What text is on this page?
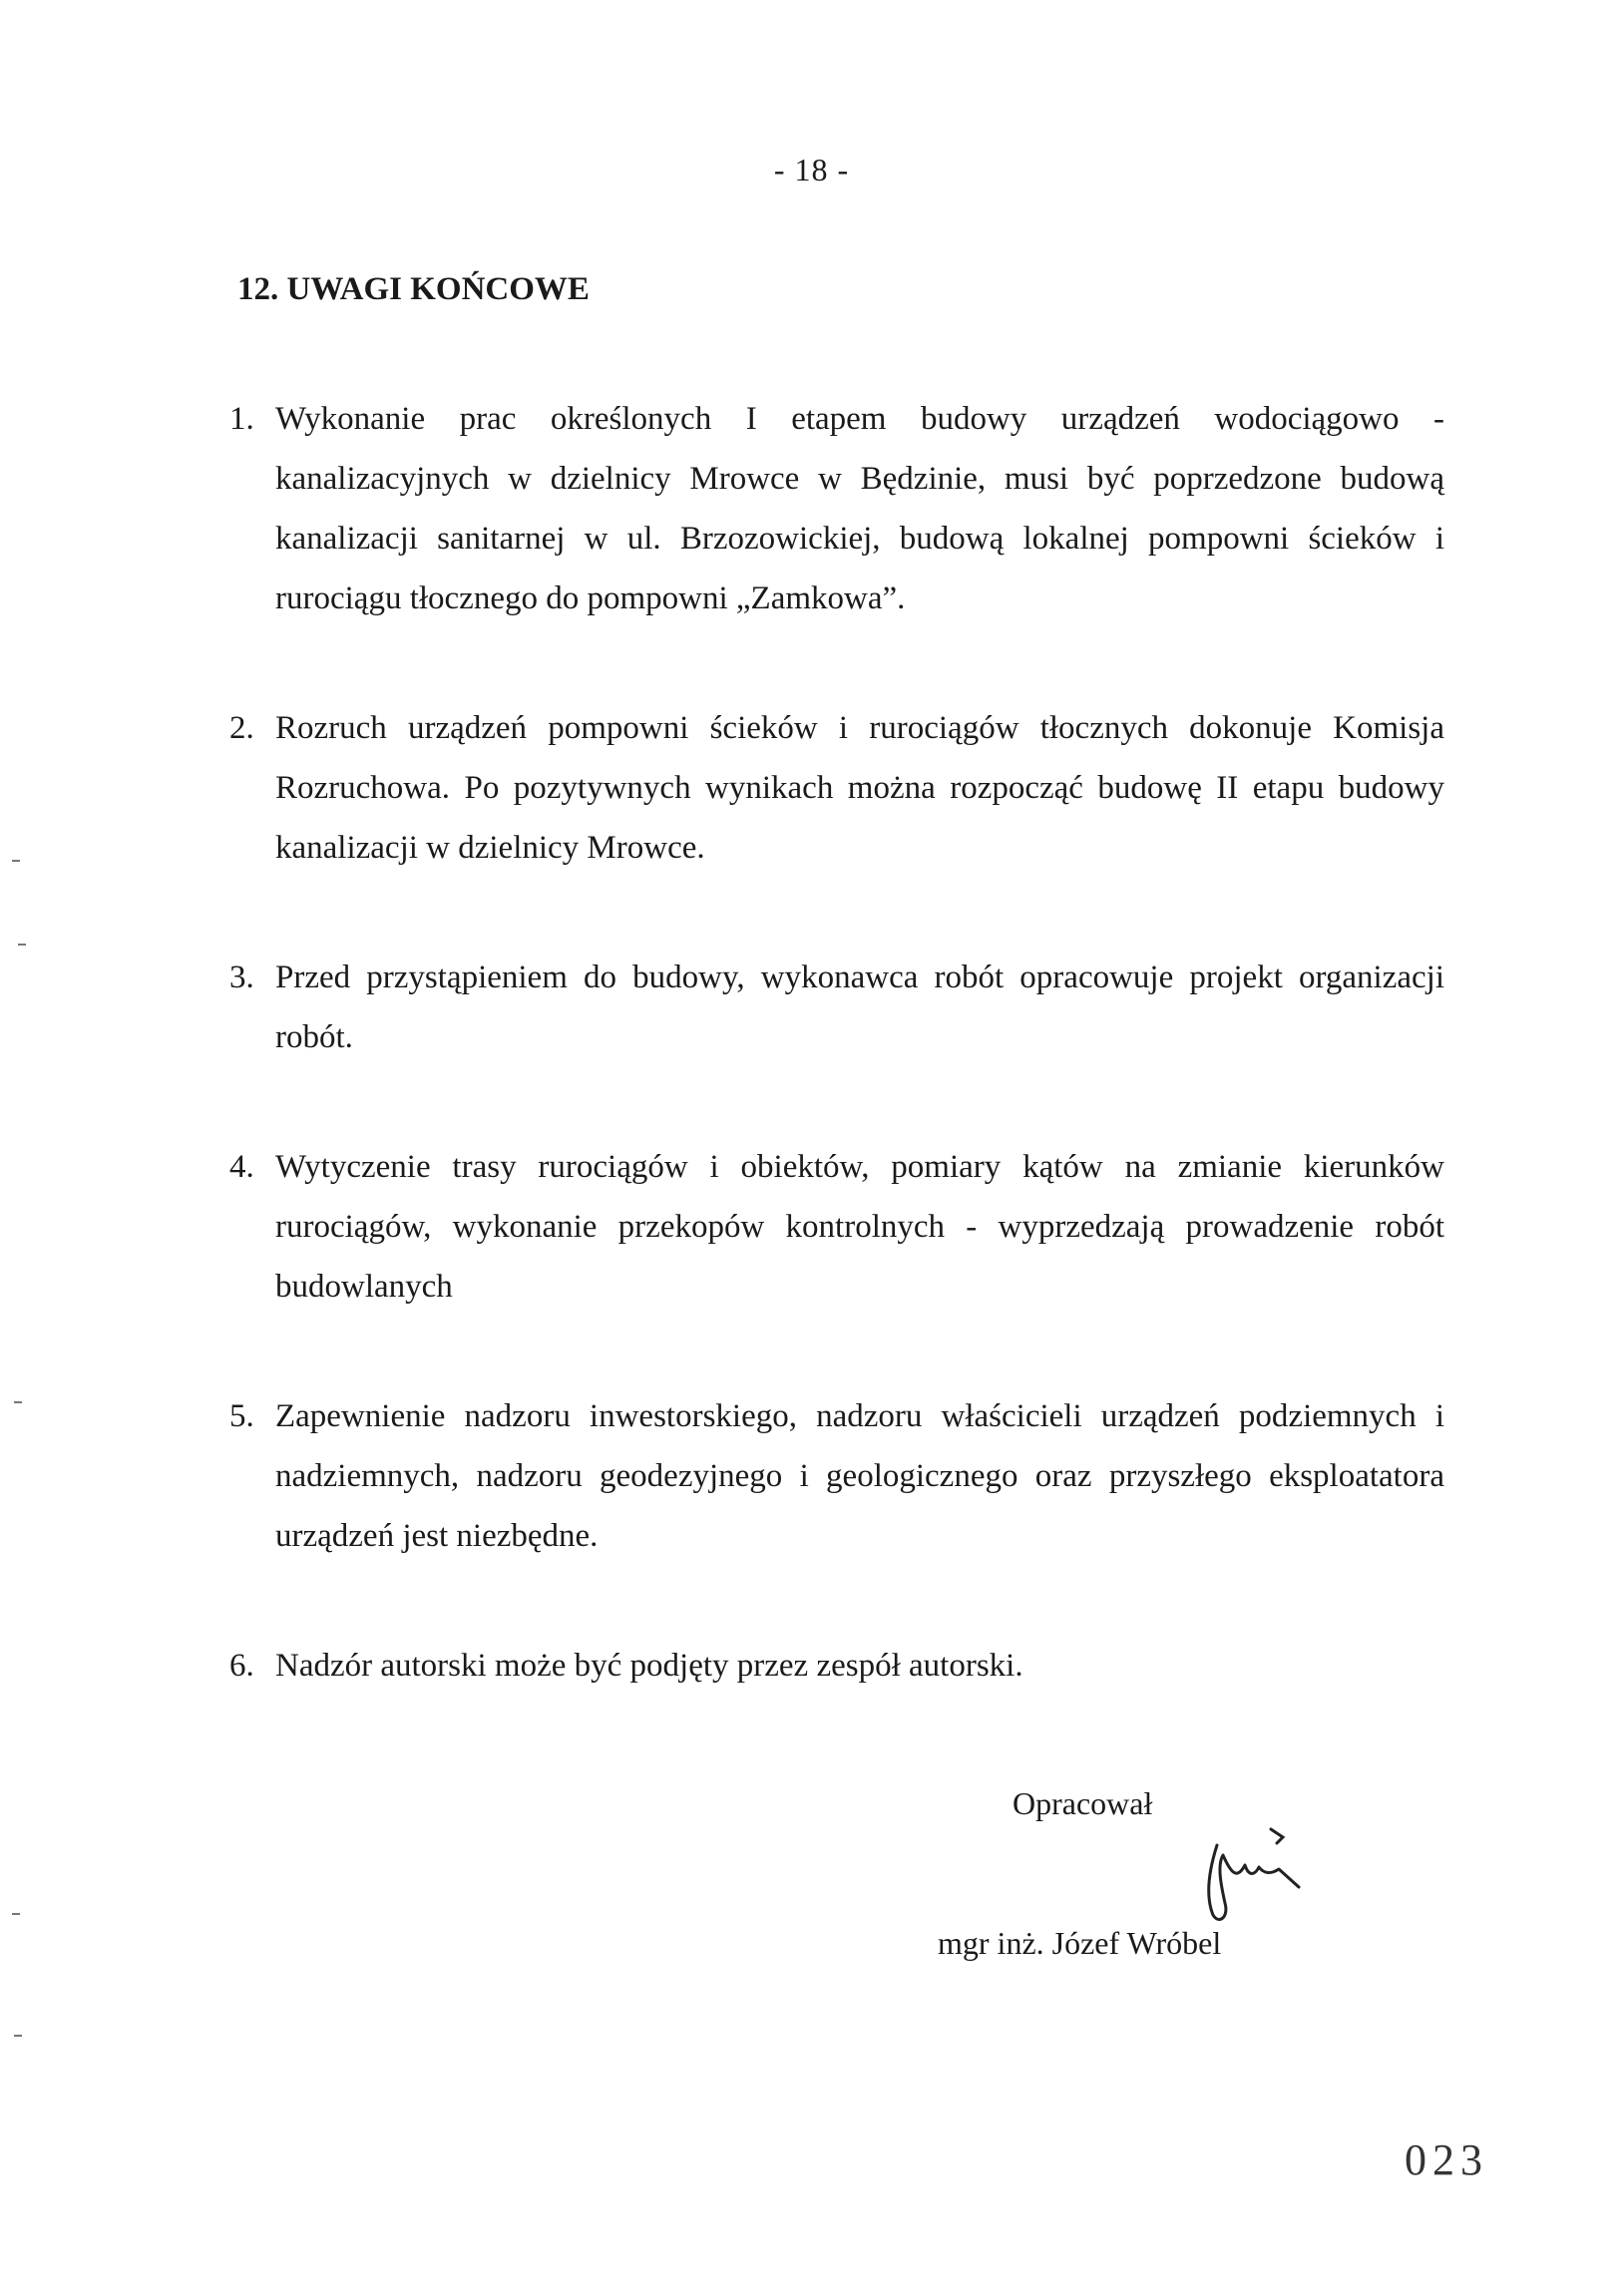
- 18 -
12. UWAGI KOŃCOWE
1. Wykonanie prac określonych I etapem budowy urządzeń wodociągowo - kanalizacyjnych w dzielnicy Mrowce w Będzinie, musi być poprzedzone budową kanalizacji sanitarnej w ul. Brzozowickiej, budową lokalnej pompowni ścieków i rurociągu tłocznego do pompowni „Zamkowa”.
2. Rozruch urządzeń pompowni ścieków i rurociągów tłocznych dokonuje Komisja Rozruchowa. Po pozytywnych wynikach można rozpocząć budowę II etapu budowy kanalizacji w dzielnicy Mrowce.
3. Przed przystąpieniem do budowy, wykonawca robót opracowuje projekt organizacji robót.
4. Wytyczenie trasy rurociągów i obiektów, pomiary kątów na zmianie kierunków rurociągów, wykonanie przekopów kontrolnych - wyprzedzają prowadzenie robót budowlanych
5. Zapewnienie nadzoru inwestorskiego, nadzoru właścicieli urządzeń podziemnych i nadziemnych, nadzoru geodezyjnego i geologicznego oraz przyszłego eksploatatora urządzeń jest niezbędne.
6. Nadzór autorski może być podjęty przez zespół autorski.
Opracował
mgr inż. Józef Wróbel
023
